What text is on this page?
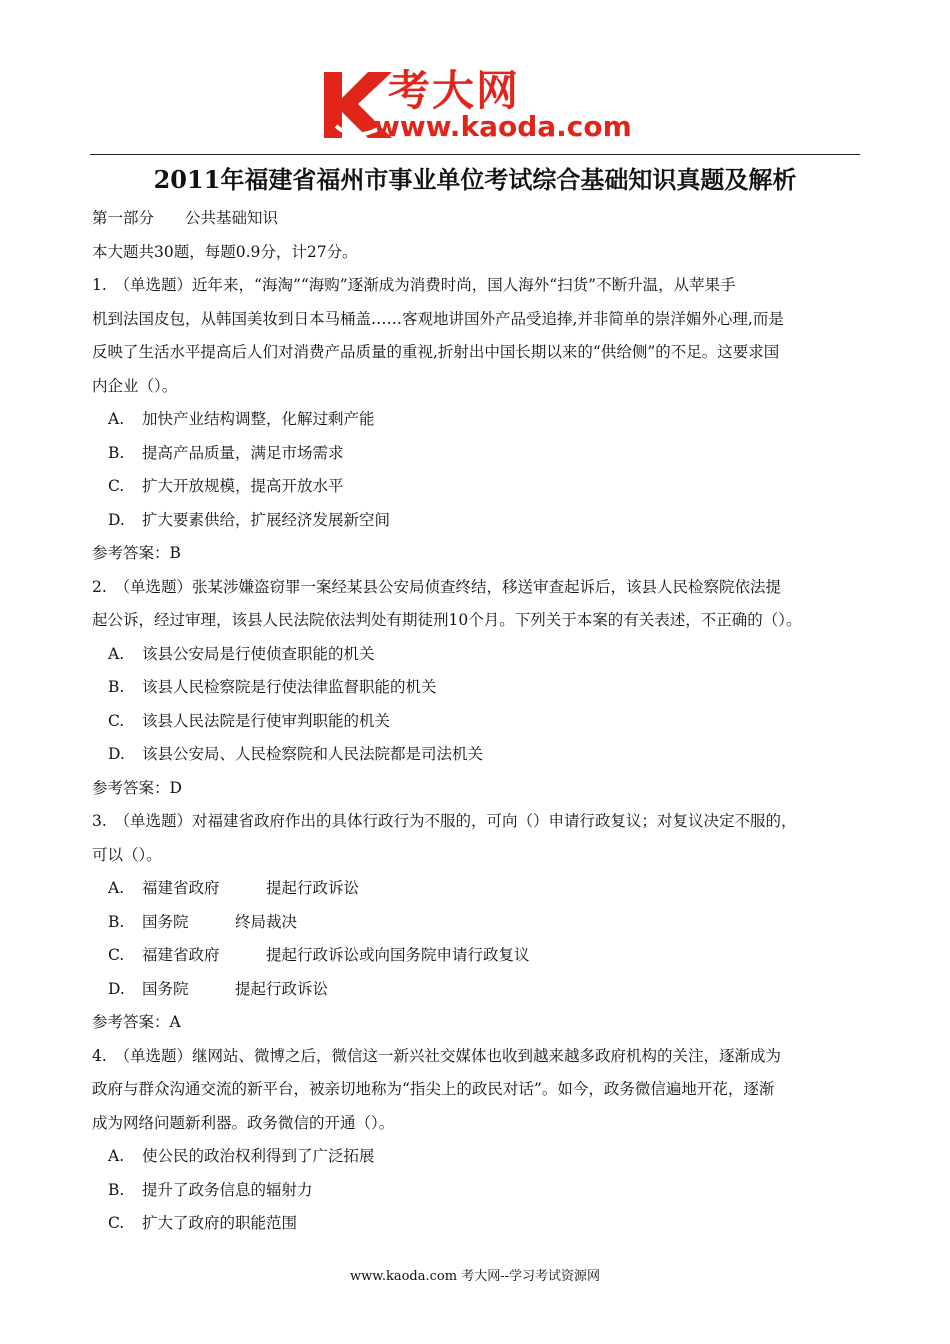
考大网
www.kaoda.com
2011年福建省福州市事业单位考试综合基础知识真题及解析
第一部分　　公共基础知识
本大题共30题，每题0.9分，计27分。
1.　（单选题）近年来，“海淘”“海购”逐渐成为消费时尚，国人海外“扫货”不断升温，从苹果手
机到法国皮包，从韩国美妆到日本马桶盖……客观地讲国外产品受追捧,并非简单的崇洋媚外心理,而是
反映了生活水平提高后人们对消费产品质量的重视,折射出中国长期以来的“供给侧”的不足。这要求国
内企业（）。
A. 加快产业结构调整，化解过剩产能
B. 提高产品质量，满足市场需求
C. 扩大开放规模，提高开放水平
D. 扩大要素供给，扩展经济发展新空间
参考答案：B
2.　（单选题）张某涉嫌盗窃罪一案经某县公安局侦查终结，移送审查起诉后，该县人民检察院依法提
起公诉，经过审理，该县人民法院依法判处有期徒刑10个月。下列关于本案的有关表述，不正确的（）。
A. 该县公安局是行使侦查职能的机关
B. 该县人民检察院是行使法律监督职能的机关
C. 该县人民法院是行使审判职能的机关
D. 该县公安局、人民检察院和人民法院都是司法机关
参考答案：D
3.　（单选题）对福建省政府作出的具体行政行为不服的，可向（）申请行政复议；对复议决定不服的，
可以（）。
A. 福建省政府　　　提起行政诉讼
B. 国务院　　　终局裁决
C. 福建省政府　　　提起行政诉讼或向国务院申请行政复议
D. 国务院　　　提起行政诉讼
参考答案：A
4.　（单选题）继网站、微博之后，微信这一新兴社交媒体也收到越来越多政府机构的关注，逐渐成为
政府与群众沟通交流的新平台，被亲切地称为“指尖上的政民对话”。如今，政务微信遍地开花，逐渐
成为网络问题新利器。政务微信的开通（）。
A. 使公民的政治权利得到了广泛拓展
B. 提升了政务信息的辐射力
C. 扩大了政府的职能范围
www.kaoda.com 考大网--学习考试资源网
